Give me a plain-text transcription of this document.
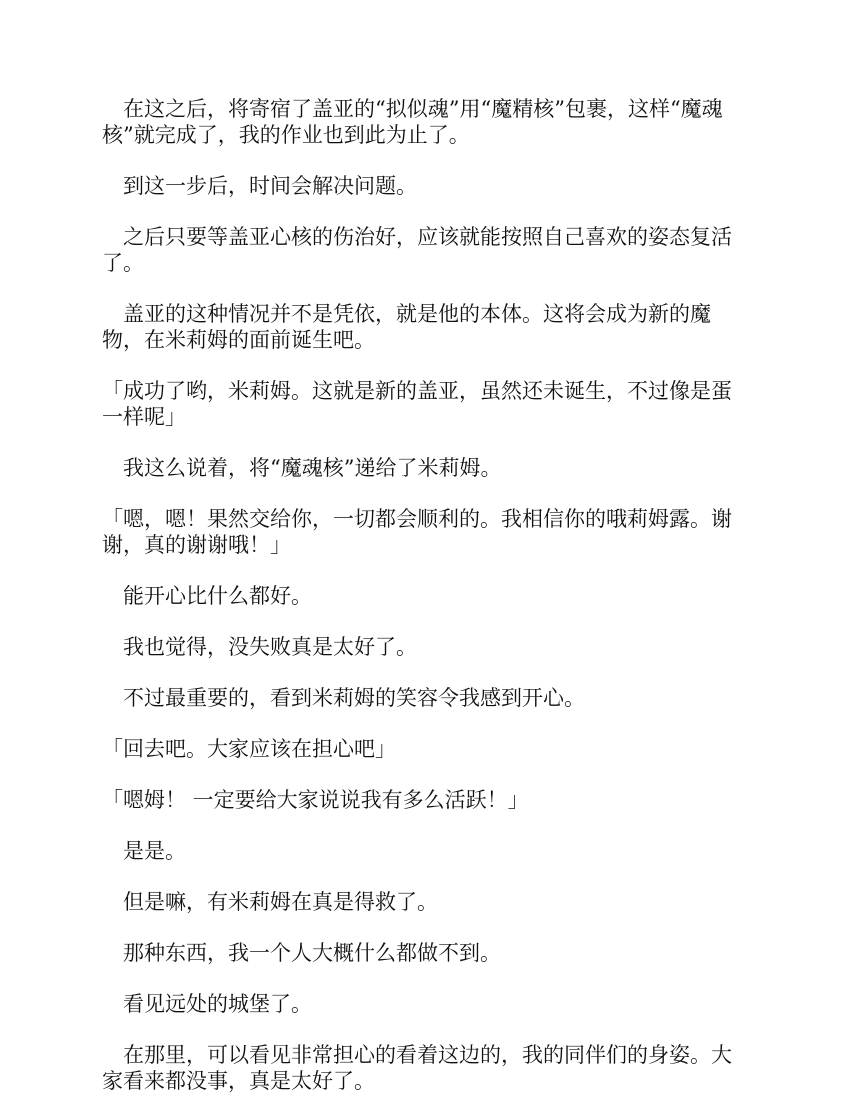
在这之后，将寄宿了盖亚的“拟似魂”用“魔精核”包裹，这样“魔魂核”就完成了，我的作业也到此为止了。

到这一步后，时间会解决问题。

之后只要等盖亚心核的伤治好，应该就能按照自己喜欢的姿态复活了。

盖亚的这种情况并不是凭依，就是他的本体。这将会成为新的魔物，在米莉姆的面前诞生吧。

「成功了哟，米莉姆。这就是新的盖亚，虽然还未诞生，不过像是蛋一样呢」

我这么说着，将“魔魂核”递给了米莉姆。

「嗯，嗯！果然交给你，一切都会顺利的。我相信你的哦莉姆露。谢谢，真的谢谢哦！」

能开心比什么都好。

我也觉得，没失败真是太好了。

不过最重要的，看到米莉姆的笑容令我感到开心。

「回去吧。大家应该在担心吧」

「嗯姆！ 一定要给大家说说我有多么活跃！」

是是。

但是嘛，有米莉姆在真是得救了。

那种东西，我一个人大概什么都做不到。

看见远处的城堡了。

在那里，可以看见非常担心的看着这边的，我的同伴们的身姿。大家看来都没事，真是太好了。
